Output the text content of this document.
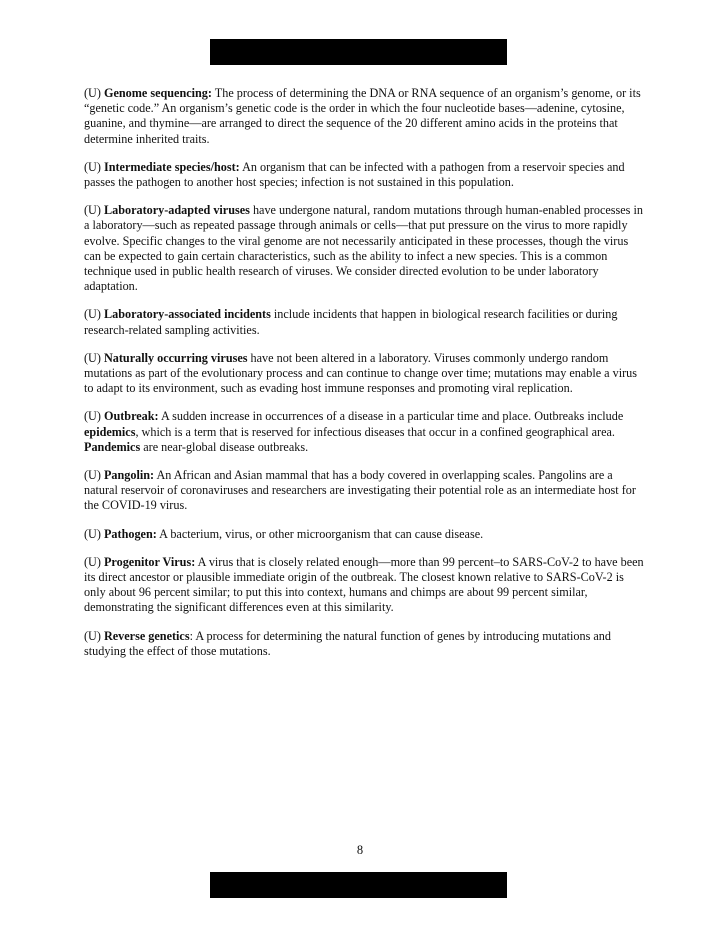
(U) Genome sequencing: The process of determining the DNA or RNA sequence of an organism’s genome, or its “genetic code.” An organism’s genetic code is the order in which the four nucleotide bases—adenine, cytosine, guanine, and thymine—are arranged to direct the sequence of the 20 different amino acids in the proteins that determine inherited traits.

(U) Intermediate species/host: An organism that can be infected with a pathogen from a reservoir species and passes the pathogen to another host species; infection is not sustained in this population.

(U) Laboratory-adapted viruses have undergone natural, random mutations through human-enabled processes in a laboratory—such as repeated passage through animals or cells—that put pressure on the virus to more rapidly evolve. Specific changes to the viral genome are not necessarily anticipated in these processes, though the virus can be expected to gain certain characteristics, such as the ability to infect a new species. This is a common technique used in public health research of viruses. We consider directed evolution to be under laboratory adaptation.

(U) Laboratory-associated incidents include incidents that happen in biological research facilities or during research-related sampling activities.

(U) Naturally occurring viruses have not been altered in a laboratory. Viruses commonly undergo random mutations as part of the evolutionary process and can continue to change over time; mutations may enable a virus to adapt to its environment, such as evading host immune responses and promoting viral replication.

(U) Outbreak: A sudden increase in occurrences of a disease in a particular time and place. Outbreaks include epidemics, which is a term that is reserved for infectious diseases that occur in a confined geographical area. Pandemics are near-global disease outbreaks.

(U) Pangolin: An African and Asian mammal that has a body covered in overlapping scales. Pangolins are a natural reservoir of coronaviruses and researchers are investigating their potential role as an intermediate host for the COVID-19 virus.

(U) Pathogen: A bacterium, virus, or other microorganism that can cause disease.

(U) Progenitor Virus: A virus that is closely related enough—more than 99 percent–to SARS-CoV-2 to have been its direct ancestor or plausible immediate origin of the outbreak. The closest known relative to SARS-CoV-2 is only about 96 percent similar; to put this into context, humans and chimps are about 99 percent similar, demonstrating the significant differences even at this similarity.

(U) Reverse genetics: A process for determining the natural function of genes by introducing mutations and studying the effect of those mutations.

8
